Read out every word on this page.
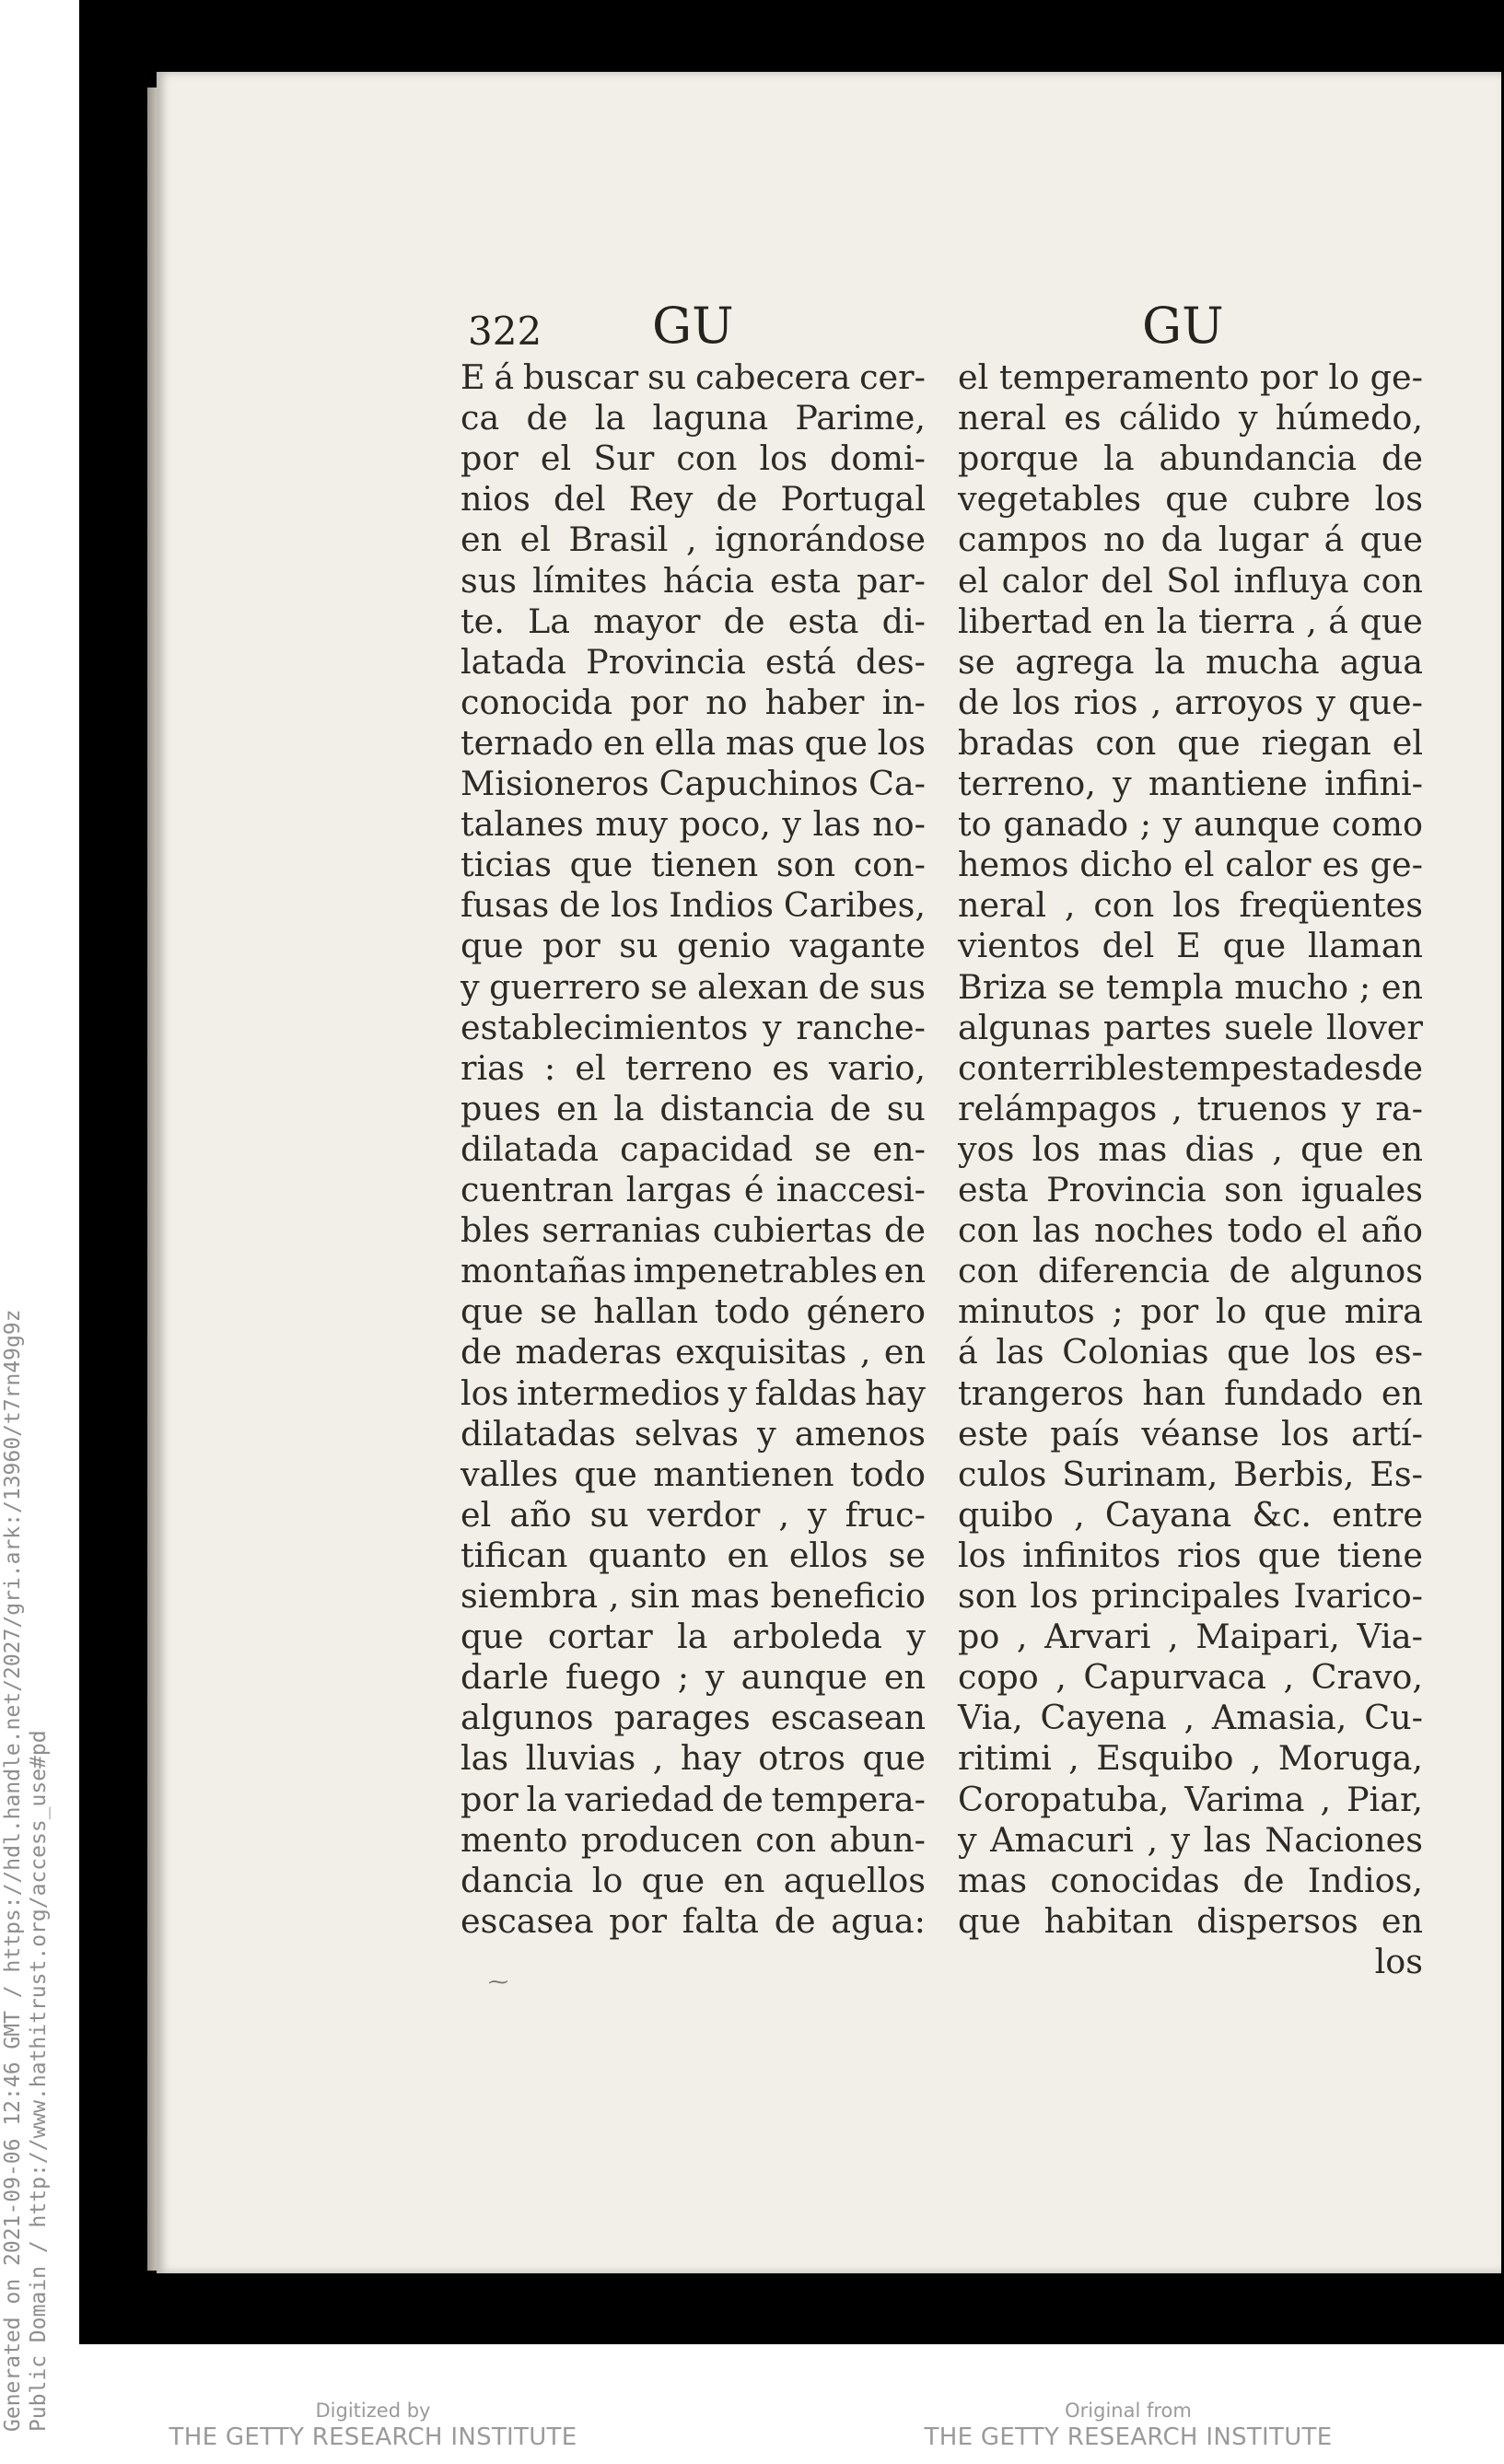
322 GU	GU
E á buscar su cabecera cer-
ca de la laguna Parime,
por el Sur con los domi-
nios del Rey de Portugal
en el Brasil , ignorándose
sus límites hácia esta par-
te. La mayor de esta di-
latada Provincia está des-
conocida por no haber in-
ternado en ella mas que los
Misioneros Capuchinos Ca-
talanes muy poco, y las no-
ticias que tienen son con-
fusas de los Indios Caribes,
que por su genio vagante
y guerrero se alexan de sus
establecimientos y ranche-
rias : el terreno es vario,
pues en la distancia de su
dilatada capacidad se en-
cuentran largas é inaccesi-
bles serranias cubiertas de
montañas impenetrables en
que se hallan todo género
de maderas exquisitas , en
los intermedios y faldas hay
dilatadas selvas y amenos
valles que mantienen todo
el año su verdor , y fruc-
tifican quanto en ellos se
siembra , sin mas beneficio
que cortar la arboleda y
darle fuego ; y aunque en
algunos parages escasean
las lluvias , hay otros que
por la variedad de tempera-
mento producen con abun-
dancia lo que en aquellos
escasea por falta de agua:
el temperamento por lo ge-
neral es cálido y húmedo,
porque la abundancia de
vegetables que cubre los
campos no da lugar á que
el calor del Sol influya con
libertad en la tierra , á que
se agrega la mucha agua
de los rios , arroyos y que-
bradas con que riegan el
terreno, y mantiene infini-
to ganado ; y aunque como
hemos dicho el calor es ge-
neral , con los freqüentes
vientos del E que llaman
Briza se templa mucho ; en
algunas partes suele llover
con terribles tempestades de
relámpagos , truenos y ra-
yos los mas dias , que en
esta Provincia son iguales
con las noches todo el año
con diferencia de algunos
minutos ; por lo que mira
á las Colonias que los es-
trangeros han fundado en
este país véanse los artí-
culos Surinam, Berbis, Es-
quibo , Cayana &c. entre
los infinitos rios que tiene
son los principales Ivarico-
po , Arvari , Maipari, Via-
copo , Capurvaca , Cravo,
Via, Cayena , Amasia, Cu-
ritimi , Esquibo , Moruga,
Coropatuba, Varima , Piar,
y Amacuri , y las Naciones
mas conocidas de Indios,
que habitan dispersos en
los
Generated on 2021-09-06 12:46 GMT / https://hdl.handle.net/2027/gri.ark:/13960/t7rn49g9z Public Domain / http://www.hathitrust.org/access_use#pd	Digitized by
THE GETTY RESEARCH INSTITUTE
Original from
THE GETTY RESEARCH INSTITUTE
